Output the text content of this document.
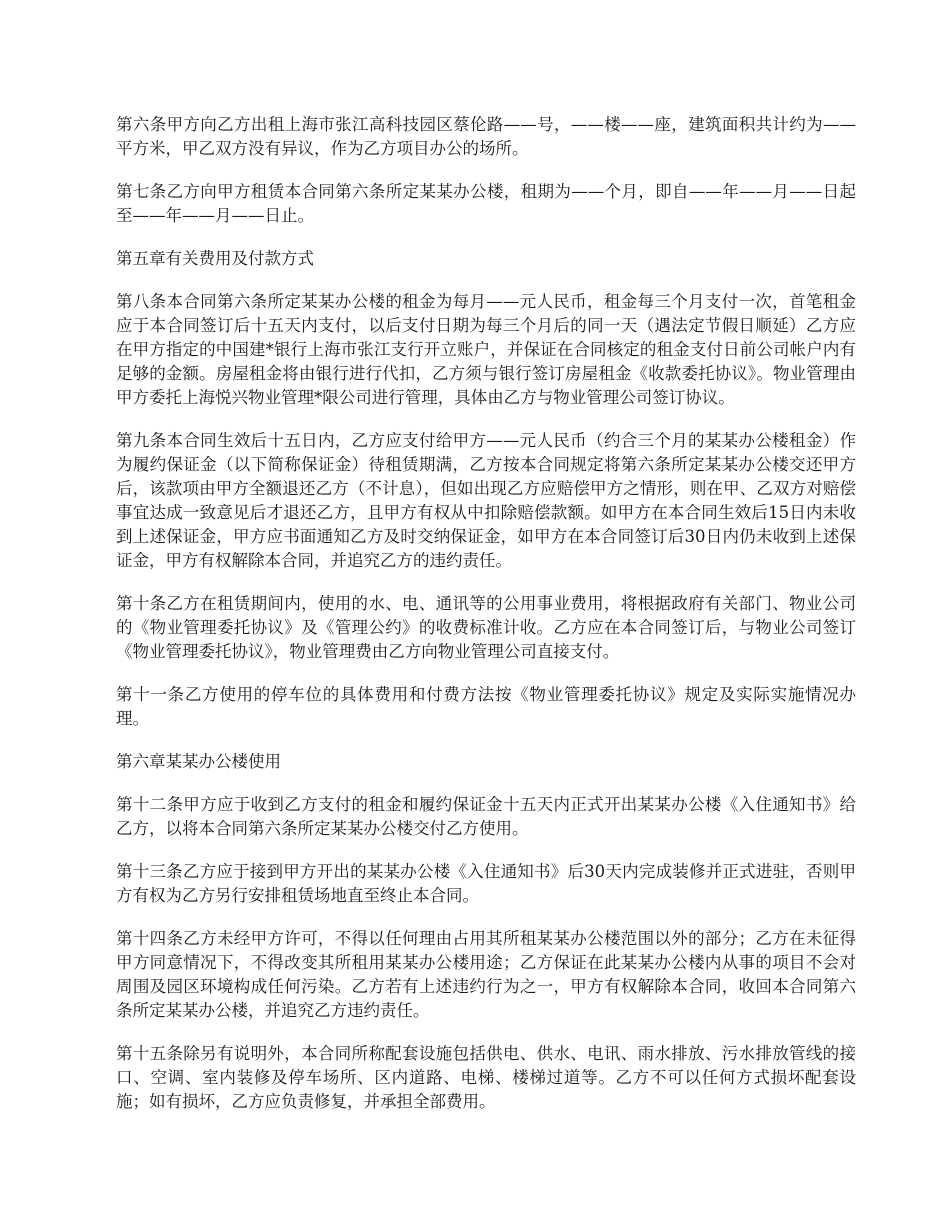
第六条甲方向乙方出租上海市张江高科技园区蔡伦路——号，——楼——座，建筑面积共计约为——平方米，甲乙双方没有异议，作为乙方项目办公的场所。

第七条乙方向甲方租赁本合同第六条所定某某办公楼，租期为——个月，即自——年——月——日起至——年——月——日止。

第五章有关费用及付款方式

第八条本合同第六条所定某某办公楼的租金为每月——元人民币，租金每三个月支付一次，首笔租金应于本合同签订后十五天内支付，以后支付日期为每三个月后的同一天（遇法定节假日顺延）乙方应在甲方指定的中国建*银行上海市张江支行开立账户，并保证在合同核定的租金支付日前公司帐户内有足够的金额。房屋租金将由银行进行代扣，乙方须与银行签订房屋租金《收款委托协议》。物业管理由甲方委托上海悦兴物业管理*限公司进行管理，具体由乙方与物业管理公司签订协议。

第九条本合同生效后十五日内，乙方应支付给甲方——元人民币（约合三个月的某某办公楼租金）作为履约保证金（以下简称保证金）待租赁期满，乙方按本合同规定将第六条所定某某办公楼交还甲方后，该款项由甲方全额退还乙方（不计息），但如出现乙方应赔偿甲方之情形，则在甲、乙双方对赔偿事宜达成一致意见后才退还乙方，且甲方有权从中扣除赔偿款额。如甲方在本合同生效后15日内未收到上述保证金，甲方应书面通知乙方及时交纳保证金，如甲方在本合同签订后30日内仍未收到上述保证金，甲方有权解除本合同，并追究乙方的违约责任。

第十条乙方在租赁期间内，使用的水、电、通讯等的公用事业费用，将根据政府有关部门、物业公司的《物业管理委托协议》及《管理公约》的收费标准计收。乙方应在本合同签订后，与物业公司签订《物业管理委托协议》，物业管理费由乙方向物业管理公司直接支付。

第十一条乙方使用的停车位的具体费用和付费方法按《物业管理委托协议》规定及实际实施情况办理。

第六章某某办公楼使用

第十二条甲方应于收到乙方支付的租金和履约保证金十五天内正式开出某某办公楼《入住通知书》给乙方，以将本合同第六条所定某某办公楼交付乙方使用。

第十三条乙方应于接到甲方开出的某某办公楼《入住通知书》后30天内完成装修并正式进驻，否则甲方有权为乙方另行安排租赁场地直至终止本合同。

第十四条乙方未经甲方许可，不得以任何理由占用其所租某某办公楼范围以外的部分；乙方在未征得甲方同意情况下，不得改变其所租用某某办公楼用途；乙方保证在此某某办公楼内从事的项目不会对周围及园区环境构成任何污染。乙方若有上述违约行为之一，甲方有权解除本合同，收回本合同第六条所定某某办公楼，并追究乙方违约责任。

第十五条除另有说明外，本合同所称配套设施包括供电、供水、电讯、雨水排放、污水排放管线的接口、空调、室内装修及停车场所、区内道路、电梯、楼梯过道等。乙方不可以任何方式损坏配套设施；如有损坏，乙方应负责修复，并承担全部费用。
